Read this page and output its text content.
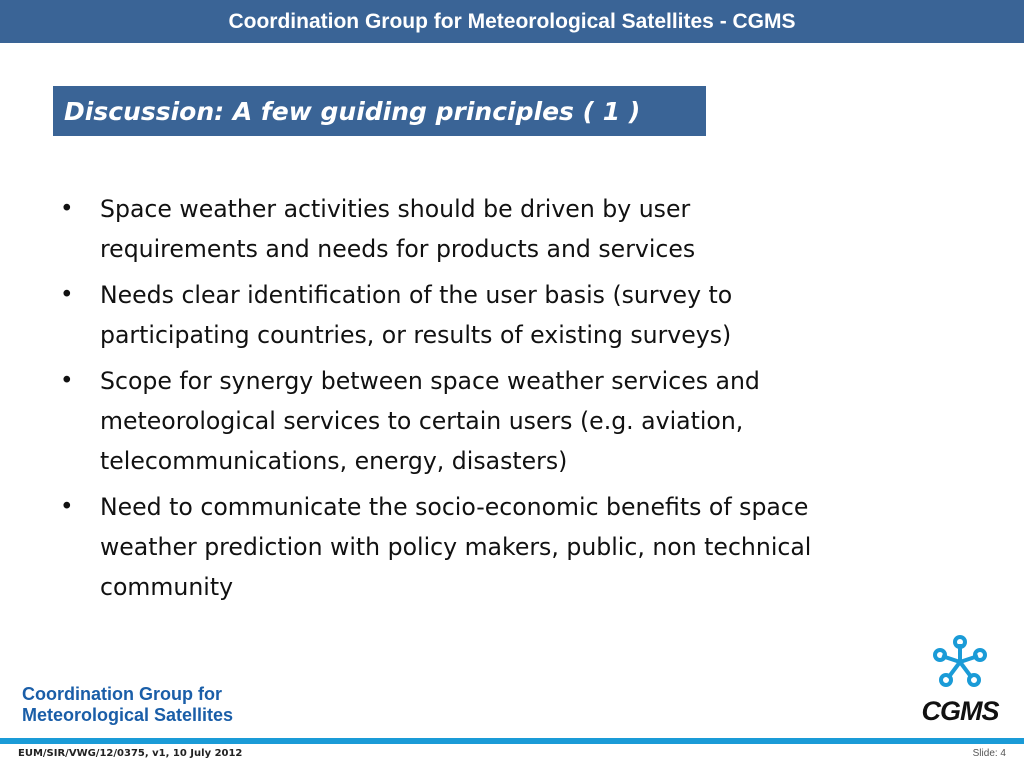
Coordination Group for Meteorological Satellites - CGMS
Discussion: A few guiding principles ( 1 )
• Space weather activities should be driven by user
requirements and needs for products and services
• Needs clear identification of the user basis (survey to
participating countries, or results of existing surveys)
• Scope for synergy between space weather services and
meteorological services to certain users (e.g. aviation,
telecommunications, energy, disasters)
• Need to communicate the socio-economic benefits of space
weather prediction with policy makers, public, non technical
community
Coordination Group for
Meteorological Satellites	CGMS
EUM/SIR/VWG/12/0375, v1, 10 July 2012	Slide: 4
